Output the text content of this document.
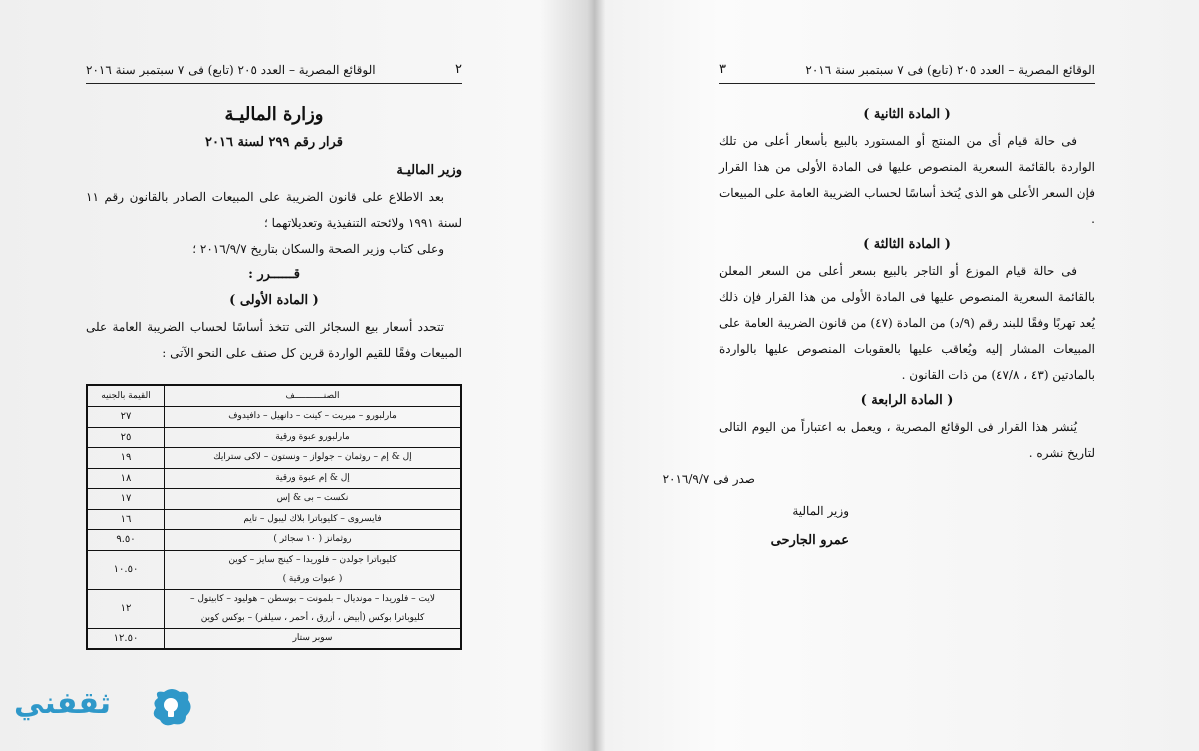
٢
الوقائع المصرية – العدد ٢٠٥ (تابع) فى ٧ سبتمبر سنة ٢٠١٦
وزارة الماليـة
قرار رقم ٢٩٩ لسنة ٢٠١٦
وزير الماليـة

بعد الاطلاع على قانون الضريبة على المبيعات الصادر بالقانون رقم ١١ لسنة ١٩٩١ ولائحته التنفيذية وتعديلاتهما ؛

وعلى كتاب وزير الصحة والسكان بتاريخ ٢٠١٦/٩/٧ ؛

قــــــرر :
( المادة الأولى )

تتحدد أسعار بيع السجائر التى تتخذ أساسًا لحساب الضريبة العامة على المبيعات وفقًا للقيم الواردة قرين كل صنف على النحو الآتى :

الصنـــــــــــف	القيمة بالجنيه
مارلبورو – ميريت – كينت – دانهيل – دافيدوف	٢٧
مارلبورو عبوة ورقية	٢٥
إل & إم – روثمان – جولواز – ونستون – لاكى سترايك	١٩
إل & إم عبوة ورقية	١٨
نكست – بى & إس	١٧
فايسروى – كليوباترا بلاك ليبول – تايم	١٦
روثمانز ( ١٠ سجائر )	٩.٥٠

كليوباترا جولدن – فلوريدا – كينج سايز – كوين
( عبوات ورقية )	١٠.٥٠

لايت – فلوريدا – مونديال – بلمونت – بوسطن – هوليود – كابيتول –
كليوباترا بوكس (أبيض ، أزرق ، أحمر ، سيلفر) – بوكس كوين	١٢
سوبر ستار	١٢.٥٠
الوقائع المصرية – العدد ٢٠٥ (تابع) فى ٧ سبتمبر سنة ٢٠١٦
٣
( المادة الثانية )

فى حالة قيام أى من المنتج أو المستورد بالبيع بأسعار أعلى من تلك الواردة بالقائمة السعرية المنصوص عليها فى المادة الأولى من هذا القرار فإن السعر الأعلى هو الذى يُتخذ أساسًا لحساب الضريبة العامة على المبيعات .

( المادة الثالثة )

فى حالة قيام الموزع أو التاجر بالبيع بسعر أعلى من السعر المعلن بالقائمة السعرية المنصوص عليها فى المادة الأولى من هذا القرار فإن ذلك يُعد تهربًا وفقًا للبند رقم (٩/د) من المادة (٤٧) من قانون الضريبة العامة على المبيعات المشار إليه ويُعاقب عليها بالعقوبات المنصوص عليها بالواردة بالمادتين (٤٣ ، ٤٧/٨) من ذات القانون .

( المادة الرابعة )

يُنشر هذا القرار فى الوقائع المصرية ، ويعمل به اعتباراً من اليوم التالى لتاريخ نشره .

صدر فى ٢٠١٦/٩/٧
وزير المالية
عمرو الجارحى
ثقفني
